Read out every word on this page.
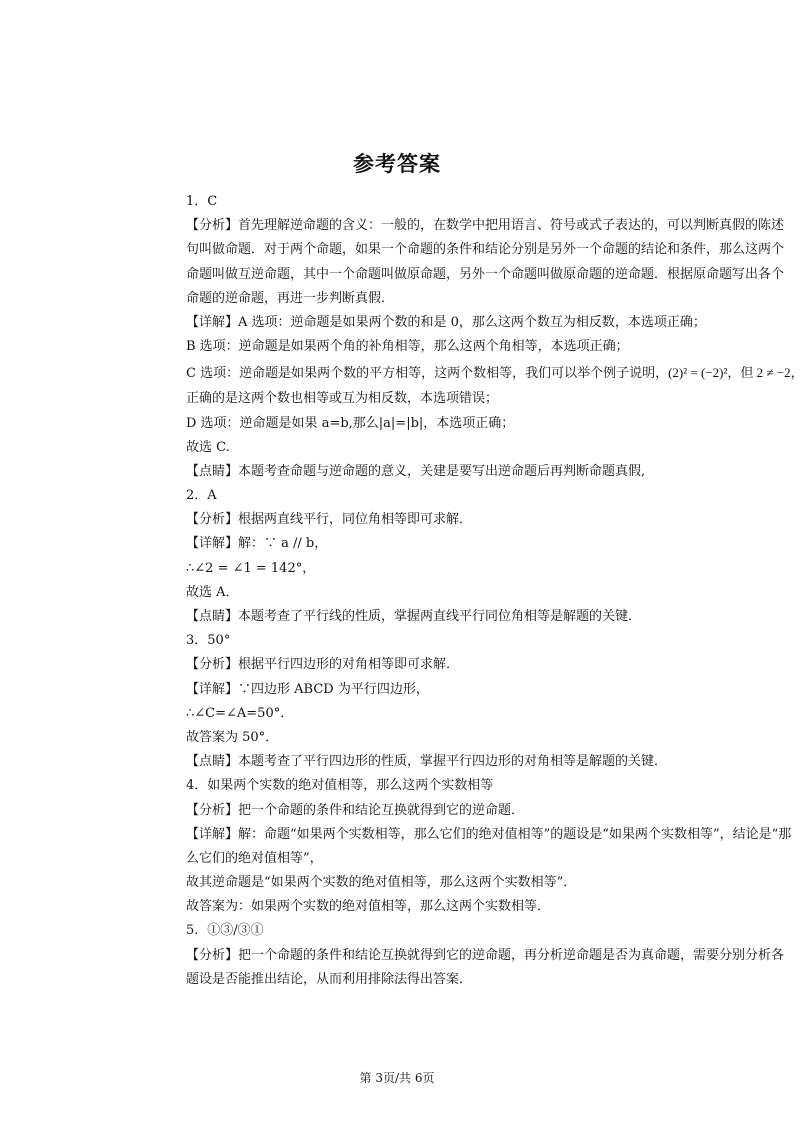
参考答案
1．C
【分析】首先理解逆命题的含义：一般的，在数学中把用语言、符号或式子表达的，可以判断真假的陈述
句叫做命题．对于两个命题，如果一个命题的条件和结论分别是另外一个命题的结论和条件，那么这两个
命题叫做互逆命题，其中一个命题叫做原命题，另外一个命题叫做原命题的逆命题．根据原命题写出各个
命题的逆命题，再进一步判断真假．
【详解】A 选项：逆命题是如果两个数的和是 0，那么这两个数互为相反数，本选项正确；
B 选项：逆命题是如果两个角的补角相等，那么这两个角相等，本选项正确；
C 选项：逆命题是如果两个数的平方相等，这两个数相等，我们可以举个例子说明，(2)² = (−2)²，但 2 ≠ −2，
正确的是这两个数也相等或互为相反数，本选项错误；
D 选项：逆命题是如果 a=b,那么|a|=|b|，本选项正确；
故选 C.
【点睛】本题考查命题与逆命题的意义，关建是要写出逆命题后再判断命题真假,
2．A
【分析】根据两直线平行，同位角相等即可求解．
【详解】解：∵ a // b，
∴∠2 = ∠1 = 142°，
故选 A．
【点睛】本题考查了平行线的性质，掌握两直线平行同位角相等是解题的关键．
3．50°
【分析】根据平行四边形的对角相等即可求解．
【详解】∵四边形 ABCD 为平行四边形，
∴∠C=∠A=50°．
故答案为 50°．
【点睛】本题考查了平行四边形的性质，掌握平行四边形的对角相等是解题的关键．
4．如果两个实数的绝对值相等，那么这两个实数相等
【分析】把一个命题的条件和结论互换就得到它的逆命题．
【详解】解：命题“如果两个实数相等，那么它们的绝对值相等”的题设是“如果两个实数相等”，结论是“那
么它们的绝对值相等”，
故其逆命题是“如果两个实数的绝对值相等，那么这两个实数相等”．
故答案为：如果两个实数的绝对值相等，那么这两个实数相等．
5．①③/③①
【分析】把一个命题的条件和结论互换就得到它的逆命题，再分析逆命题是否为真命题，需要分别分析各
题设是否能推出结论，从而利用排除法得出答案．
第 3页/共 6页
